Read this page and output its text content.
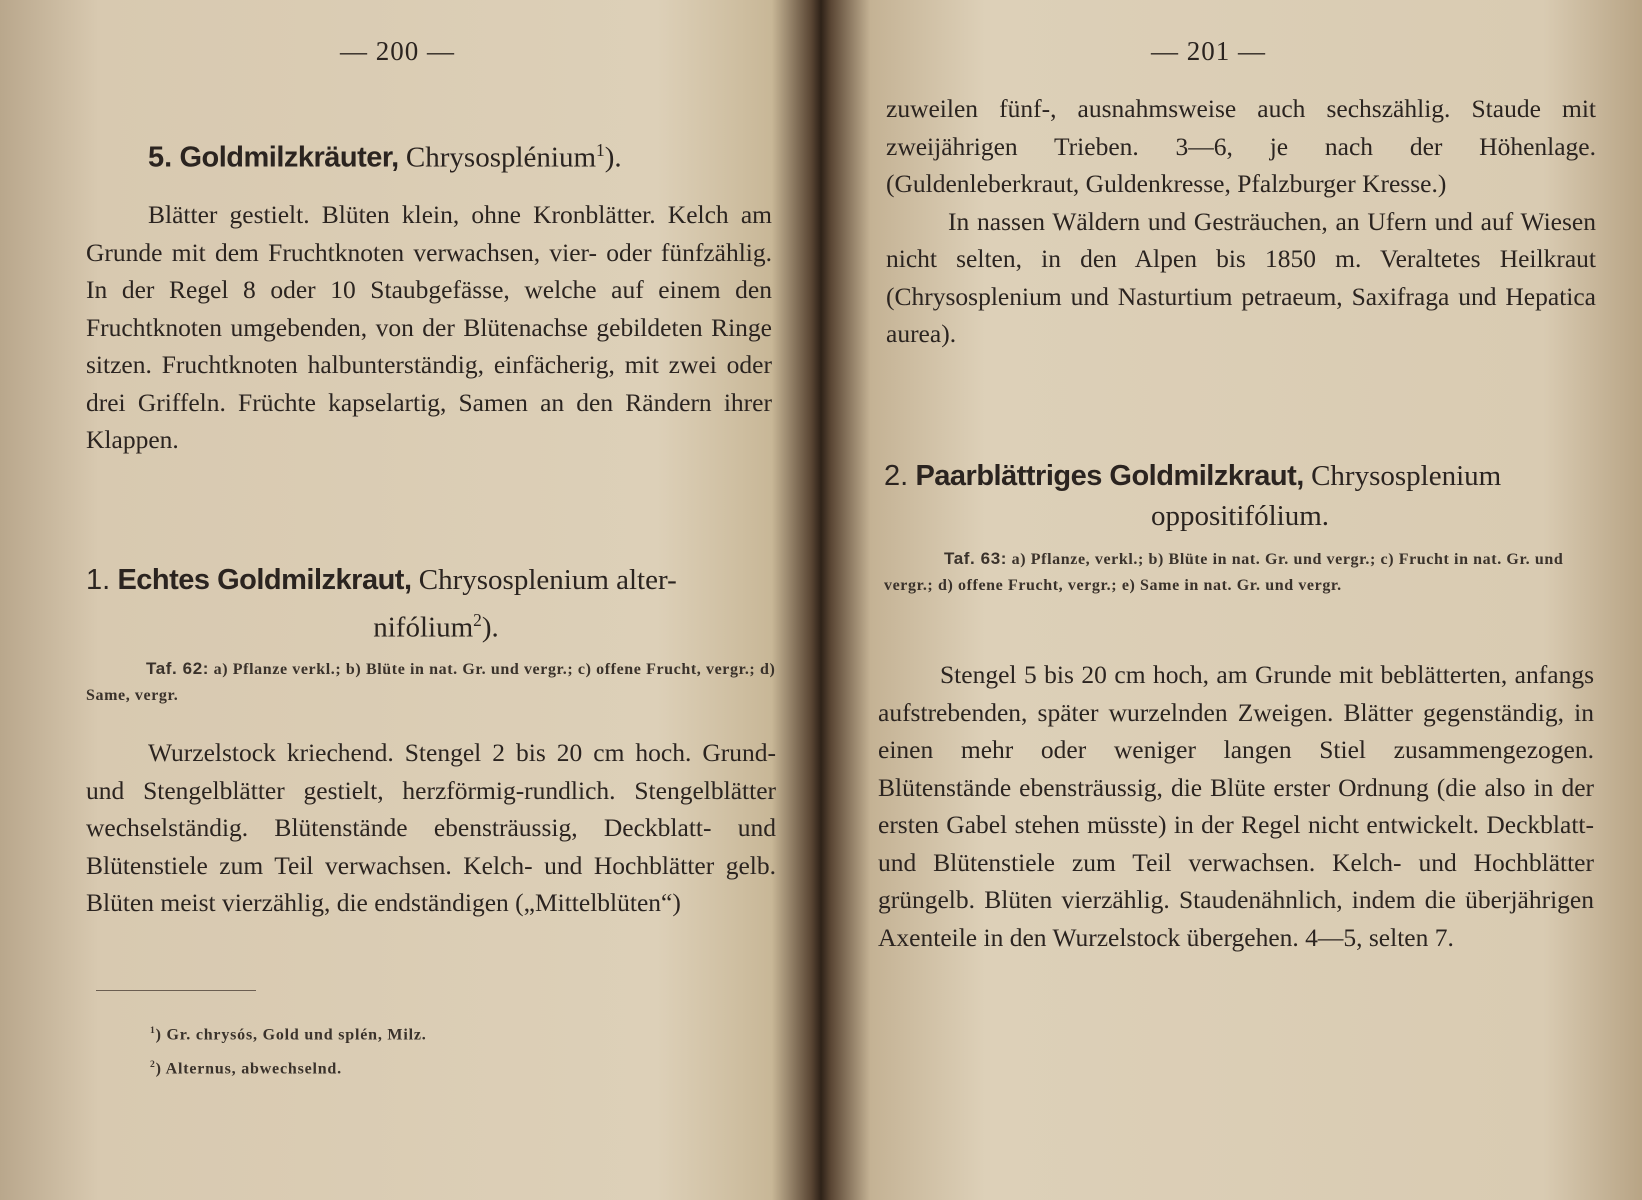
— 200 —
5. Goldmilzkräuter, Chrysosplénium$^1$).

Blätter gestielt. Blüten klein, ohne Kronblätter. Kelch am Grunde mit dem Fruchtknoten verwachsen, vier- oder fünfzählig. In der Regel 8 oder 10 Staubgefässe, welche auf einem den Fruchtknoten umgebenden, von der Blütenachse gebildeten Ringe sitzen. Fruchtknoten halbunterständig, einfächerig, mit zwei oder drei Griffeln. Früchte kapselartig, Samen an den Rändern ihrer Klappen.

1. Echtes Goldmilzkraut, Chrysosplenium alter-
nifólium$^2$).
Taf. 62: a) Pflanze verkl.; b) Blüte in nat. Gr. und vergr.; c) offene Frucht, vergr.; d) Same, vergr.

Wurzelstock kriechend. Stengel 2 bis 20 cm hoch. Grund- und Stengelblätter gestielt, herzförmig-rundlich. Stengelblätter wechselständig. Blütenstände ebensträussig, Deckblatt- und Blütenstiele zum Teil verwachsen. Kelch- und Hochblätter gelb. Blüten meist vierzählig, die endständigen („Mittelblüten“)

$^1$) Gr. chrysós, Gold und splén, Milz.
$^2$) Alternus, abwechselnd.
— 201 —

zuweilen fünf-, ausnahmsweise auch sechszählig. Staude mit zweijährigen Trieben. 3—6, je nach der Höhenlage. (Guldenleberkraut, Guldenkresse, Pfalzburger Kresse.)

In nassen Wäldern und Gesträuchen, an Ufern und auf Wiesen nicht selten, in den Alpen bis 1850 m. Veraltetes Heilkraut (Chrysosplenium und Nasturtium petraeum, Saxifraga und Hepatica aurea).

2. Paarblättriges Goldmilzkraut, Chrysosplenium
oppositifólium.
Taf. 63: a) Pflanze, verkl.; b) Blüte in nat. Gr. und vergr.; c) Frucht in nat. Gr. und vergr.; d) offene Frucht, vergr.; e) Same in nat. Gr. und vergr.

Stengel 5 bis 20 cm hoch, am Grunde mit beblätterten, anfangs aufstrebenden, später wurzelnden Zweigen. Blätter gegenständig, in einen mehr oder weniger langen Stiel zusammengezogen. Blütenstände ebensträussig, die Blüte erster Ordnung (die also in der ersten Gabel stehen müsste) in der Regel nicht entwickelt. Deckblatt- und Blütenstiele zum Teil verwachsen. Kelch- und Hochblätter grüngelb. Blüten vierzählig. Staudenähnlich, indem die überjährigen Axenteile in den Wurzelstock übergehen. 4—5, selten 7.
